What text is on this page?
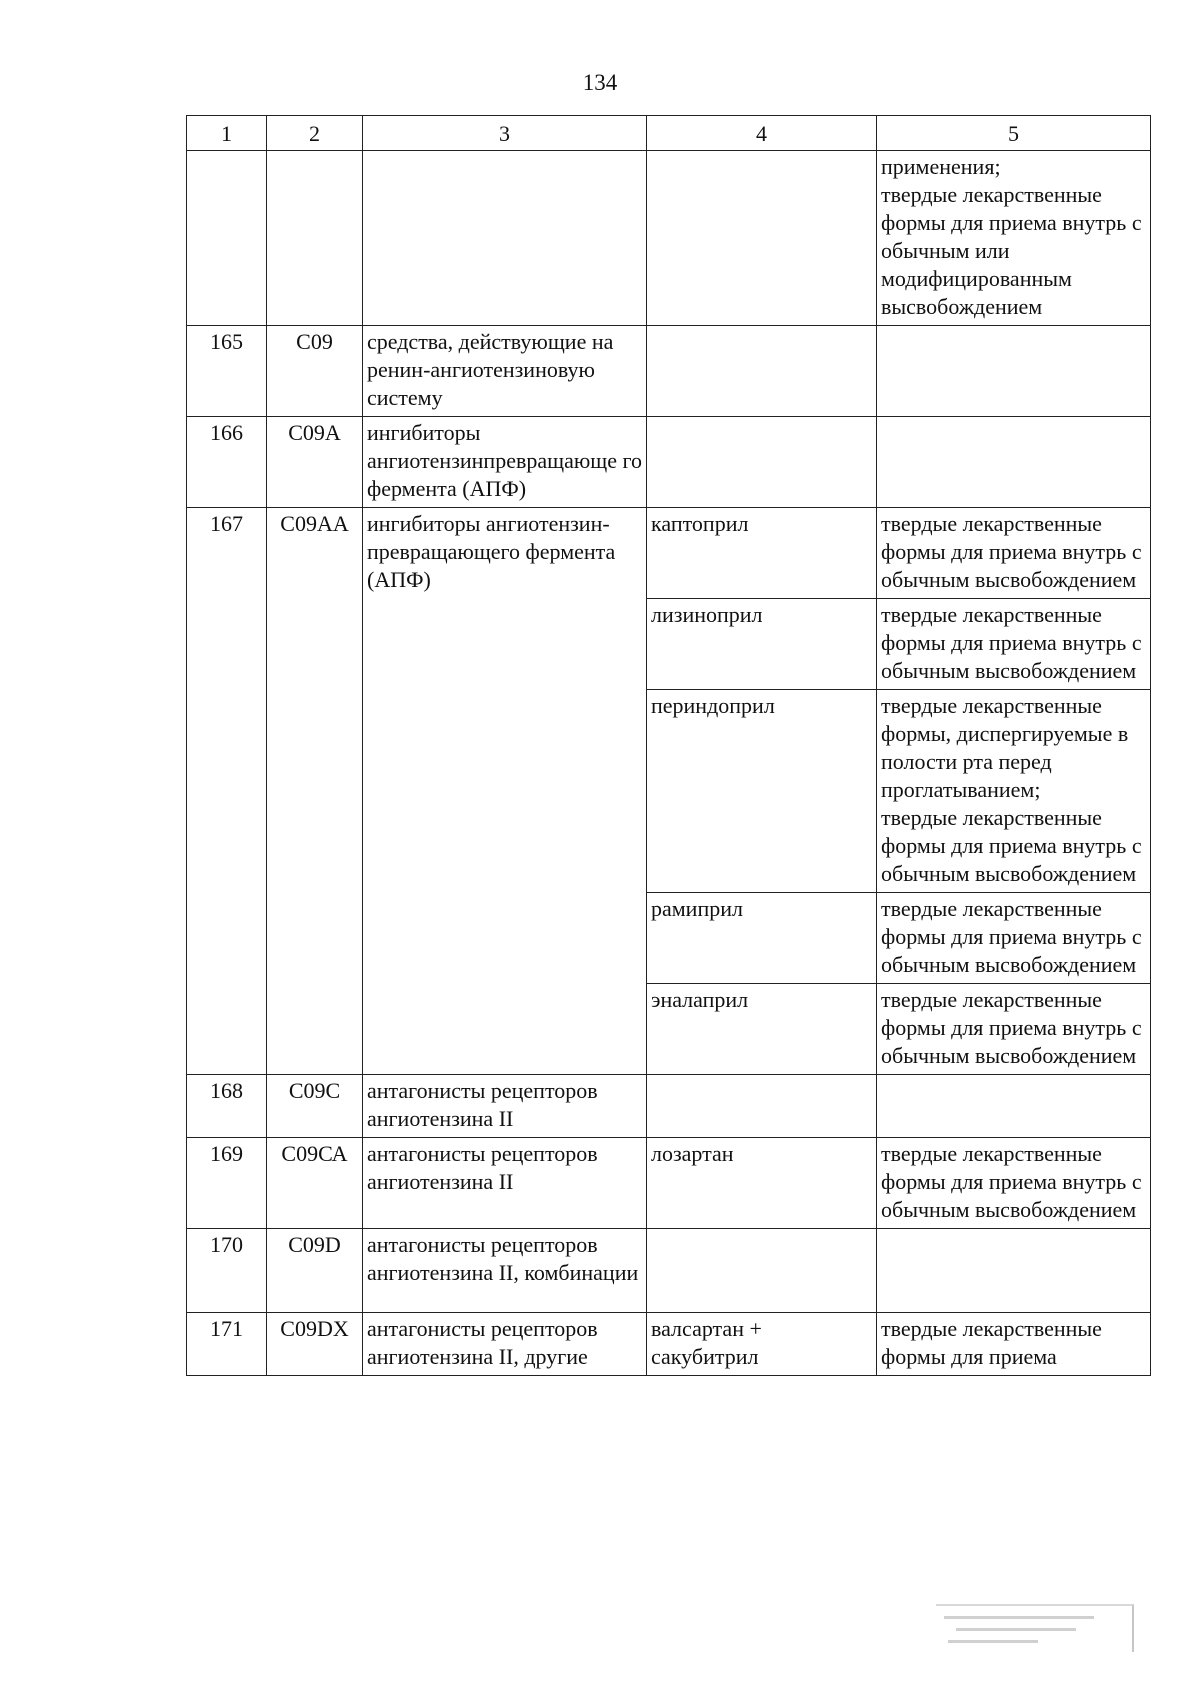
134
1	2	3	4	5

				применения;
твердые лекарственные формы для приема внутрь с обычным или модифицированным высвобождением

165	С09	средства, действующие на ренин-ангиотензиновую систему		
166	С09А	ингибиторы ангиотензинпревращающе го фермента (АПФ)		
167	С09АА	ингибиторы ангиотензин-превращающего фермента (АПФ)	каптоприл	твердые лекарственные формы для приема внутрь с обычным высвобождением

			лизиноприл	твердые лекарственные формы для приема внутрь с обычным высвобождением

			периндоприл	твердые лекарственные формы, диспергируемые в полости рта перед проглатыванием;
твердые лекарственные формы для приема внутрь с обычным высвобождением

			рамиприл	твердые лекарственные формы для приема внутрь с обычным высвобождением

			эналаприл	твердые лекарственные формы для приема внутрь с обычным высвобождением

168	С09С	антагонисты рецепторов ангиотензина II		
169	С09СА	антагонисты рецепторов ангиотензина II	лозартан	твердые лекарственные формы для приема внутрь с обычным высвобождением

170	С09D	антагонисты рецепторов ангиотензина II, комбинации		
171	С09DХ	антагонисты рецепторов ангиотензина II, другие	валсартан + сакубитрил	твердые лекарственные формы для приема
